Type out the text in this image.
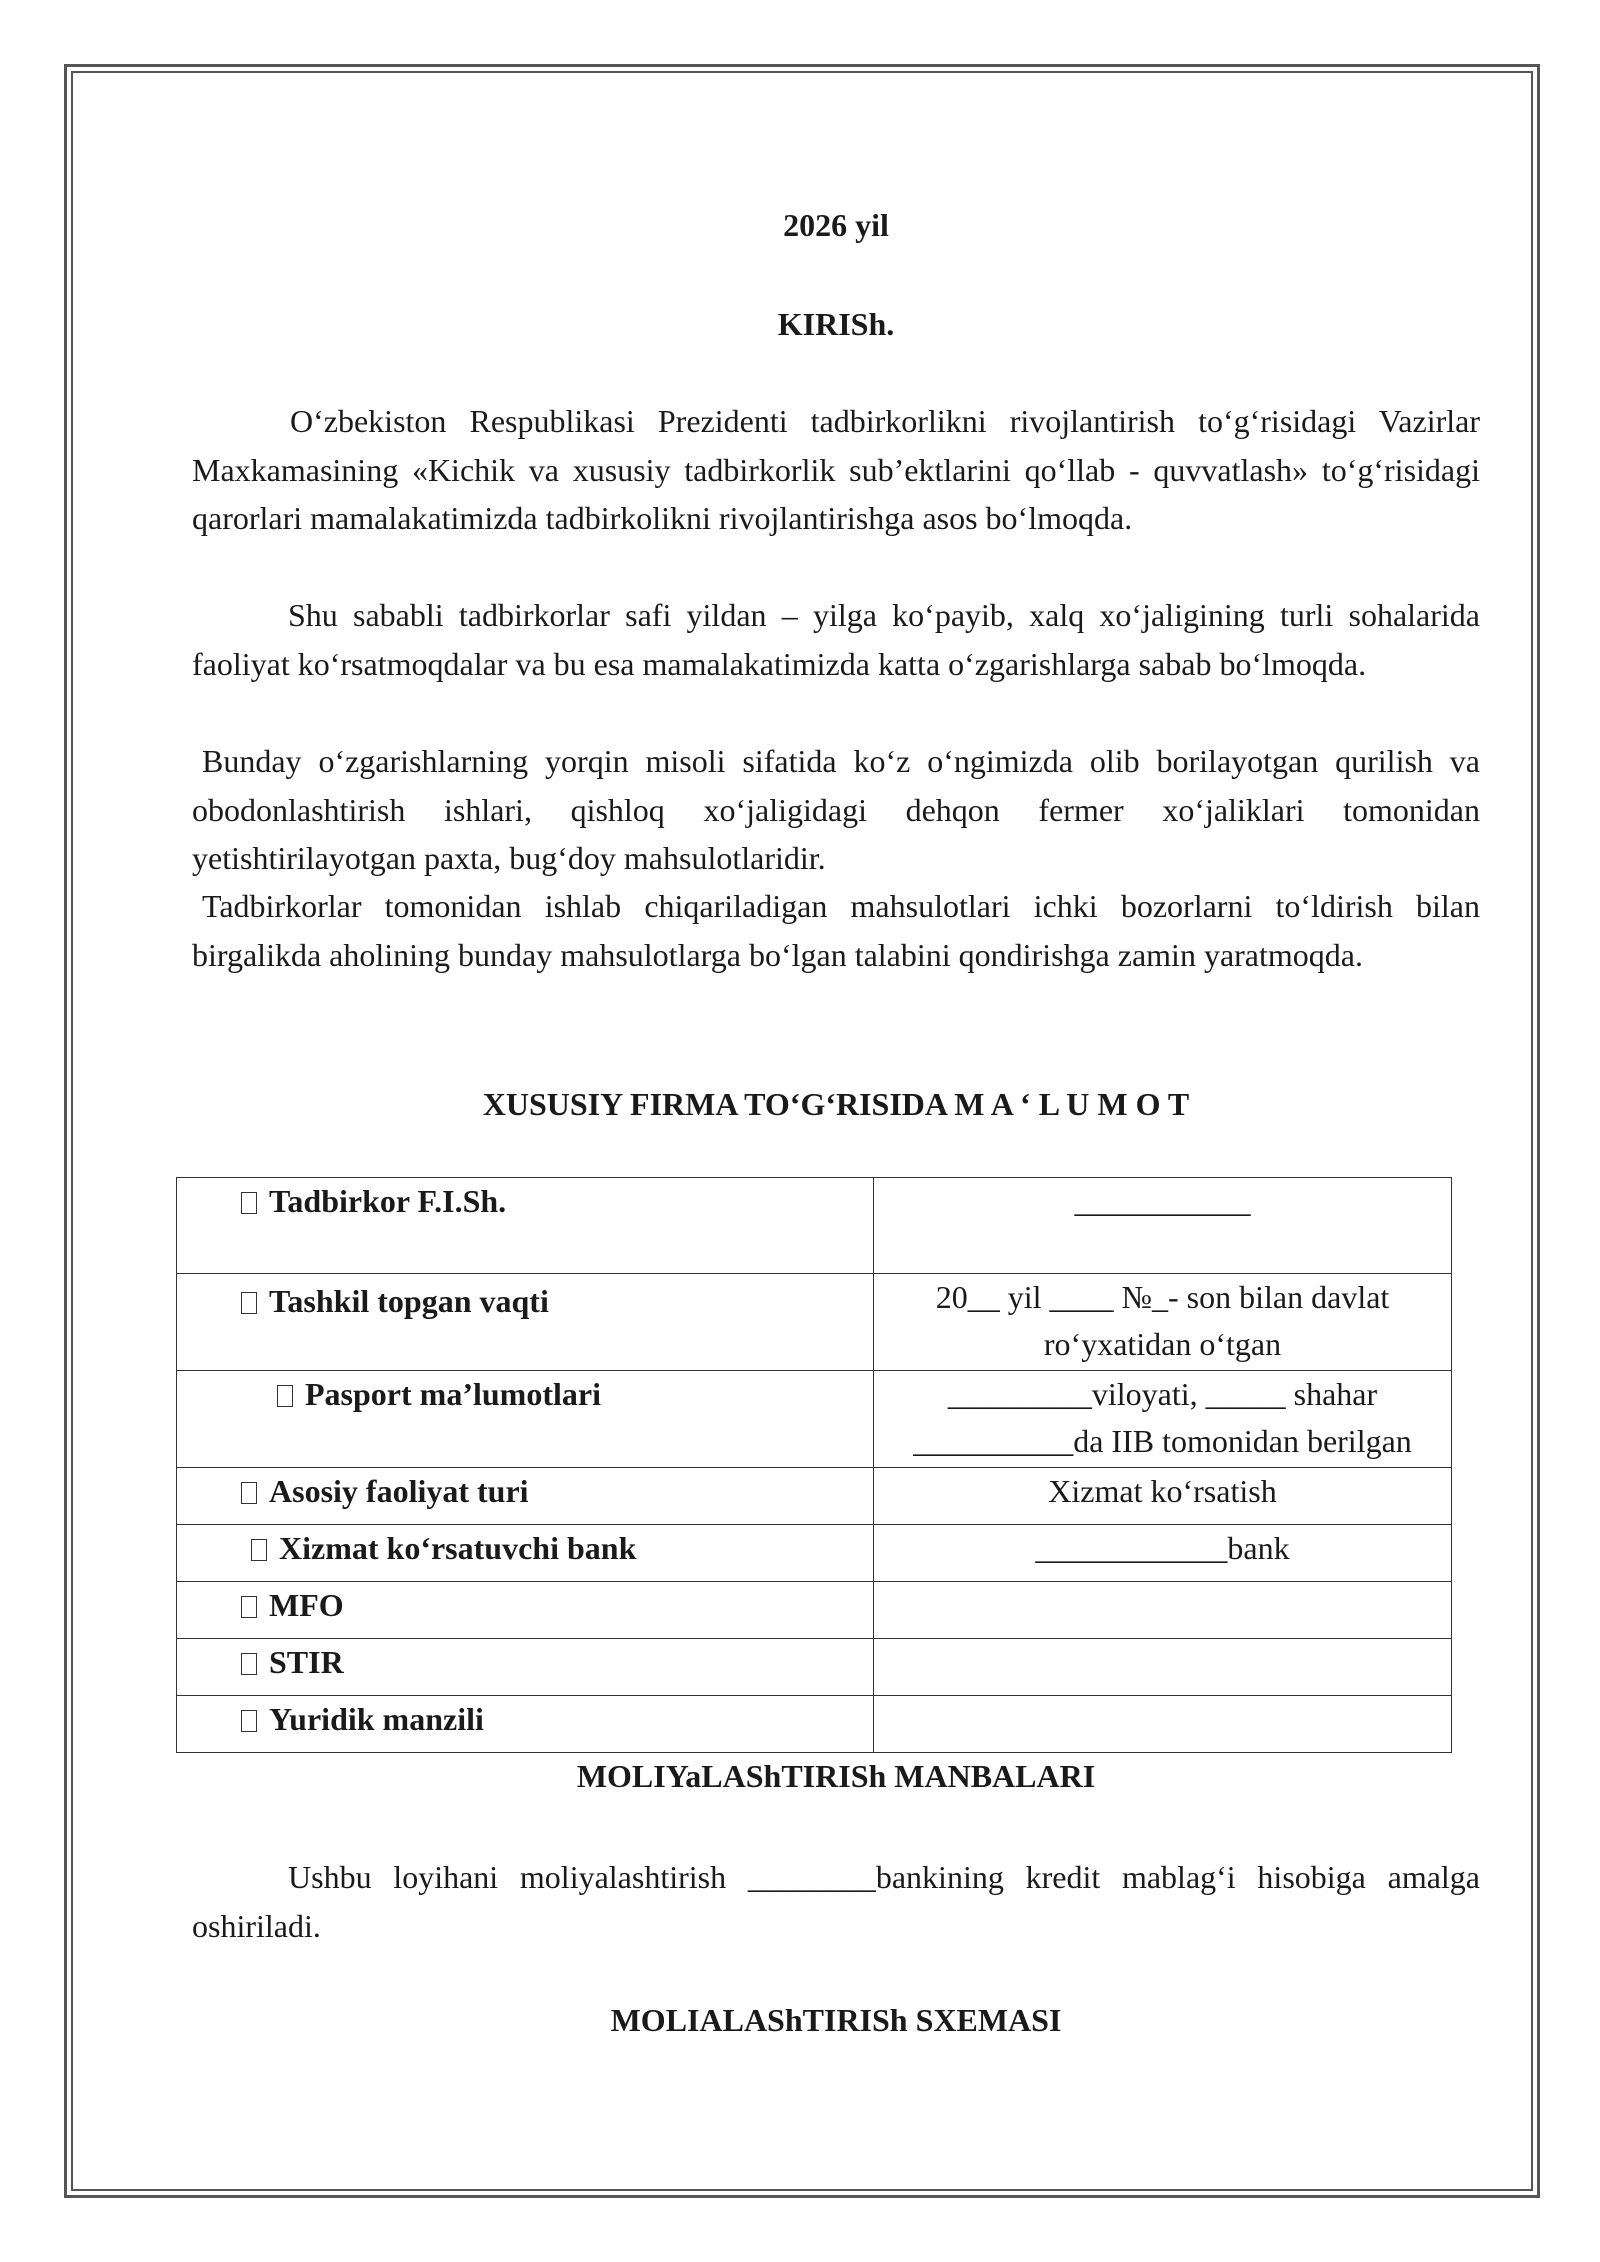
2026 yil
KIRISh.
O‘zbekiston Respublikasi Prezidenti tadbirkorlikni rivojlantirish to‘g‘risidagi Vazirlar Maxkamasining «Kichik va xususiy tadbirkorlik sub’ektlarini qo‘llab - quvvatlash» to‘g‘risidagi qarorlari mamalakatimizda tadbirkolikni rivojlantirishga asos bo‘lmoqda.
Shu sababli tadbirkorlar safi yildan – yilga ko‘payib, xalq xo‘jaligining turli sohalarida faoliyat ko‘rsatmoqdalar va bu esa mamalakatimizda katta o‘zgarishlarga sabab bo‘lmoqda.
Bunday o‘zgarishlarning yorqin misoli sifatida ko‘z o‘ngimizda olib borilayotgan qurilish va obodonlashtirish ishlari, qishloq xo‘jaligidagi dehqon fermer xo‘jaliklari tomonidan yetishtirilayotgan paxta, bug‘doy mahsulotlaridir.
Tadbirkorlar tomonidan ishlab chiqariladigan mahsulotlari ichki bozorlarni to‘ldirish bilan birgalikda aholining bunday mahsulotlarga bo‘lgan talabini qondirishga zamin yaratmoqda.
XUSUSIY FIRMA TO‘G‘RISIDA M A ‘ L U M O T
MOLIYaLAShTIRISh MANBALARI
Ushbu loyihani moliyalashtirish ________bankining kredit mablag‘i hisobiga amalga oshiriladi.
MOLIALAShTIRISh SXEMASI
Tadbirkor F.I.Sh.	___________

Tashkil topgan vaqti	20__ yil ____ №_- son bilan davlat
ro‘yxatidan o‘tgan

Pasport ma’lumotlari	_________viloyati, _____ shahar
__________da IIB tomonidan berilgan

Asosiy faoliyat turi	Xizmat ko‘rsatish

Xizmat ko‘rsatuvchi bank	____________bank

MFO	

STIR	

Yuridik manzili	
